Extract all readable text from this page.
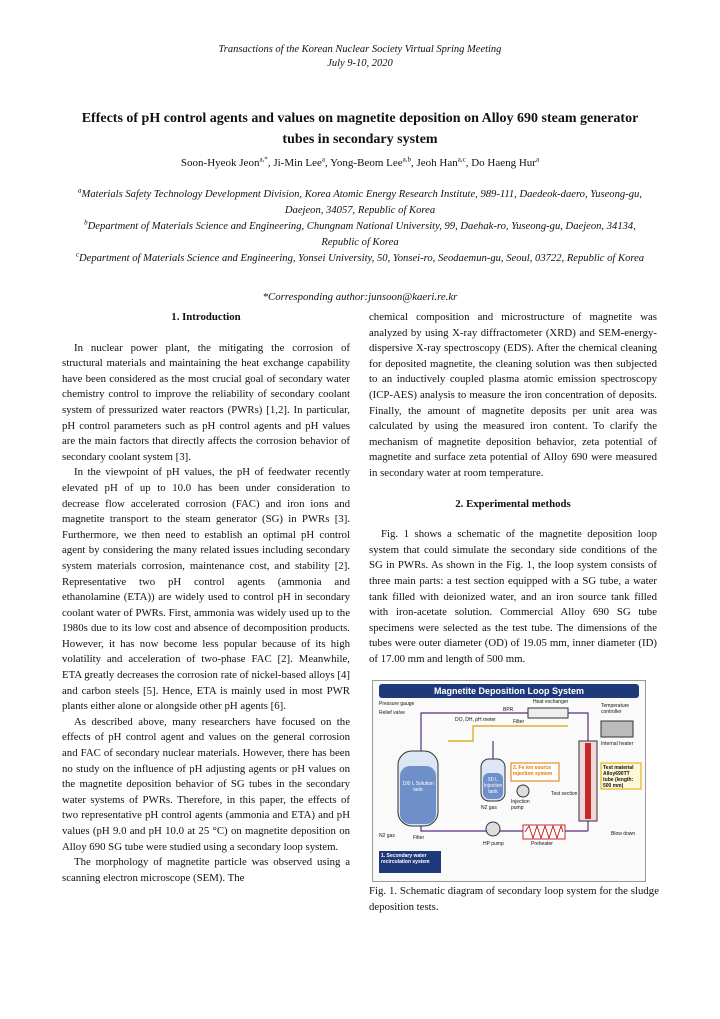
Transactions of the Korean Nuclear Society Virtual Spring Meeting
July 9-10, 2020
Effects of pH control agents and values on magnetite deposition on Alloy 690 steam generator tubes in secondary system
Soon-Hyeok Jeon$^{a,*}$, Ji-Min Lee$^a$, Yong-Beom Lee$^{a,b}$, Jeoh Han$^{a,c}$, Do Haeng Hur$^a$
$^a$Materials Safety Technology Development Division, Korea Atomic Energy Research Institute, 989-111, Daedeok-daero, Yuseong-gu, Daejeon, 34057, Republic of Korea
$^b$Department of Materials Science and Engineering, Chungnam National University, 99, Daehak-ro, Yuseong-gu, Daejeon, 34134, Republic of Korea
$^c$Department of Materials Science and Engineering, Yonsei University, 50, Yonsei-ro, Seodaemun-gu, Seoul, 03722, Republic of Korea
*Corresponding author:junsoon@kaeri.re.kr

1. Introduction

In nuclear power plant, the mitigating the corrosion of structural materials and maintaining the heat exchange capability have been considered as the most crucial goal of secondary water chemistry control to improve the reliability of secondary coolant system of pressurized water reactors (PWRs) [1,2]. In particular, pH control parameters such as pH control agents and pH values are the main factors that directly affects the corrosion behavior of secondary coolant system [3].

In the viewpoint of pH values, the pH of feedwater recently elevated pH of up to 10.0 has been under consideration to decrease flow accelerated corrosion (FAC) and iron ions and magnetite transport to the steam generator (SG) in PWRs [3]. Furthermore, we then need to establish an optimal pH control agent by considering the many related issues including secondary system materials corrosion, maintenance cost, and stability [2]. Representative two pH control agents (ammonia and ethanolamine (ETA)) are widely used to control pH in secondary coolant water of PWRs. First, ammonia was widely used up to the 1980s due to its low cost and absence of decomposition products. However, it has now become less popular because of its high volatility and acceleration of two-phase FAC [2]. Meanwhile, ETA greatly decreases the corrosion rate of nickel-based alloys [4] and carbon steels [5]. Hence, ETA is mainly used in most PWR plants either alone or alongside other pH agents [6].

As described above, many researchers have focused on the effects of pH control agent and values on the general corrosion and FAC of secondary nuclear materials. However, there has been no study on the influence of pH adjusting agents or pH values on the magnetite deposition behavior of SG tubes in the secondary water systems of PWRs. Therefore, in this paper, the effects of two representative pH control agents (ammonia and ETA) and pH values (pH 9.0 and pH 10.0 at 25 °C) on magnetite deposition on Alloy 690 SG tube were studied using a secondary loop system.

The morphology of magnetite particle was observed using a scanning electron microscope (SEM). The

chemical composition and microstructure of magnetite was analyzed by using X-ray diffractometer (XRD) and SEM-energy-dispersive X-ray spectroscopy (EDS). After the chemical cleaning for deposited magnetite, the cleaning solution was then subjected to an inductively coupled plasma atomic emission spectroscopy (ICP-AES) analysis to measure the iron concentration of deposits. Finally, the amount of magnetite deposits per unit area was calculated by using the measured iron content. To clarify the mechanism of magnetite deposition behavior, zeta potential of magnetite and surface zeta potential of Alloy 690 were measured in secondary water at room temperature.

2. Experimental methods

Fig. 1 shows a schematic of the magnetite deposition loop system that could simulate the secondary side conditions of the SG in PWRs. As shown in the Fig. 1, the loop system consists of three main parts: a test section equipped with a SG tube, a water tank filled with deionized water, and an iron source tank filled with iron-acetate solution. Commercial Alloy 690 SG tube specimens were selected as the test tube. The dimensions of the tubes were outer diameter (OD) of 19.05 mm, inner diameter (ID) of 17.00 mm and length of 500 mm.

Magnetite Deposition Loop System
Pressure gauge
Relief valve
Heat exchanger
Temperature controller
DO, DH, pH meter
BPR
Filter
Internal heater
100 L Solution tank
50 L Injection tank
2. Fe ion source injection system
Test material Alloy690TT tube (length: 500 mm)
Test section
N2 gas
Injection pump
N2 gas	Filter
Blow down
1. Secondary water recirculation system
HP pump	Preheater
Fig. 1. Schematic diagram of secondary loop system for the sludge deposition tests.
